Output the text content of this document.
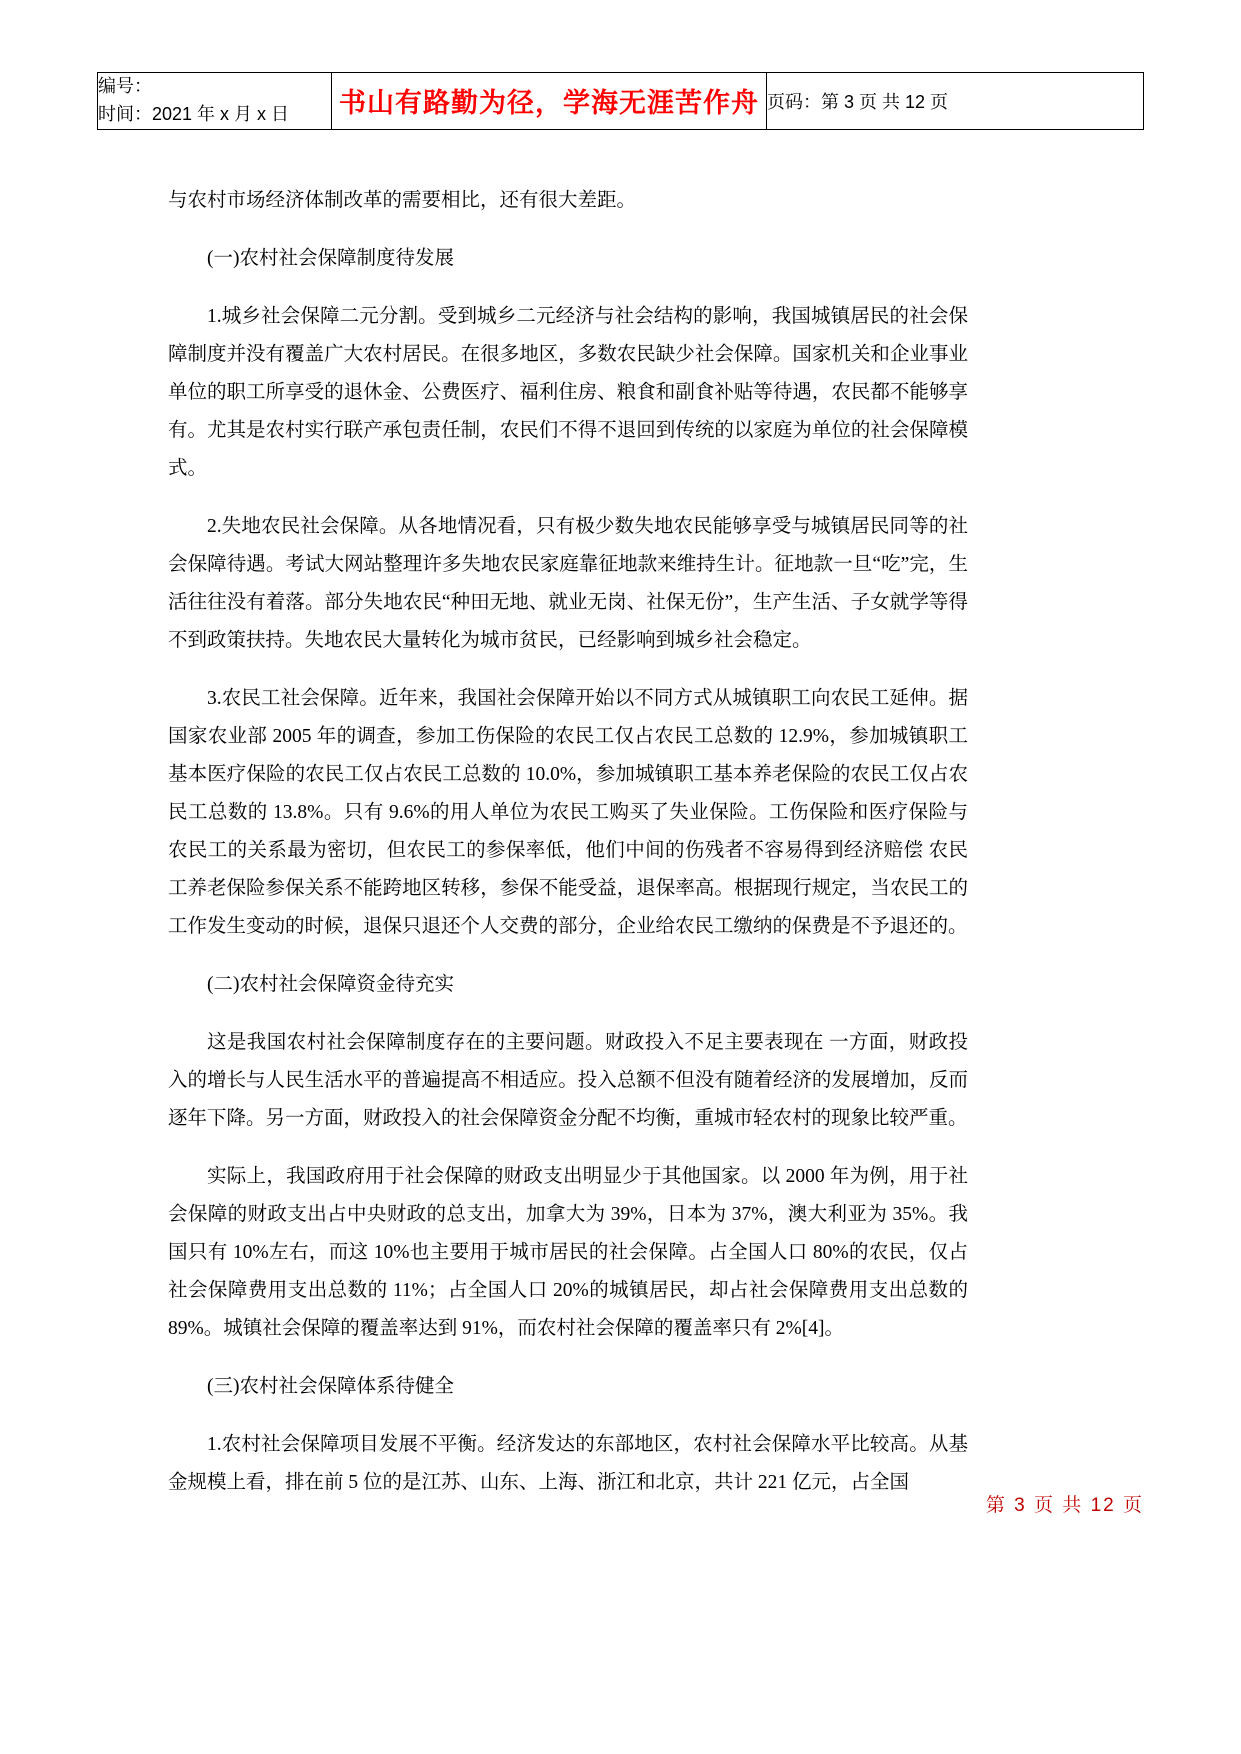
编号：
时间：2021 年 x 月 x 日	书山有路勤为径，学海无涯苦作舟	页码：第 3 页 共 12 页

与农村市场经济体制改革的需要相比，还有很大差距。

(一)农村社会保障制度待发展

1.城乡社会保障二元分割。受到城乡二元经济与社会结构的影响，我国城镇居民的社会保障制度并没有覆盖广大农村居民。在很多地区，多数农民缺少社会保障。国家机关和企业事业单位的职工所享受的退休金、公费医疗、福利住房、粮食和副食补贴等待遇，农民都不能够享有。尤其是农村实行联产承包责任制，农民们不得不退回到传统的以家庭为单位的社会保障模式。

2.失地农民社会保障。从各地情况看，只有极少数失地农民能够享受与城镇居民同等的社会保障待遇。考试大网站整理许多失地农民家庭靠征地款来维持生计。征地款一旦“吃”完，生活往往没有着落。部分失地农民“种田无地、就业无岗、社保无份”，生产生活、子女就学等得不到政策扶持。失地农民大量转化为城市贫民，已经影响到城乡社会稳定。

3.农民工社会保障。近年来，我国社会保障开始以不同方式从城镇职工向农民工延伸。据国家农业部 2005 年的调查，参加工伤保险的农民工仅占农民工总数的 12.9%，参加城镇职工基本医疗保险的农民工仅占农民工总数的 10.0%，参加城镇职工基本养老保险的农民工仅占农民工总数的 13.8%。只有 9.6%的用人单位为农民工购买了失业保险。工伤保险和医疗保险与农民工的关系最为密切，但农民工的参保率低，他们中间的伤残者不容易得到经济赔偿 农民工养老保险参保关系不能跨地区转移，参保不能受益，退保率高。根据现行规定，当农民工的工作发生变动的时候，退保只退还个人交费的部分，企业给农民工缴纳的保费是不予退还的。

(二)农村社会保障资金待充实

这是我国农村社会保障制度存在的主要问题。财政投入不足主要表现在 一方面，财政投入的增长与人民生活水平的普遍提高不相适应。投入总额不但没有随着经济的发展增加，反而逐年下降。另一方面，财政投入的社会保障资金分配不均衡，重城市轻农村的现象比较严重。

实际上，我国政府用于社会保障的财政支出明显少于其他国家。以 2000 年为例，用于社会保障的财政支出占中央财政的总支出，加拿大为 39%，日本为 37%，澳大利亚为 35%。我国只有 10%左右，而这 10%也主要用于城市居民的社会保障。占全国人口 80%的农民，仅占社会保障费用支出总数的 11%；占全国人口 20%的城镇居民，却占社会保障费用支出总数的 89%。城镇社会保障的覆盖率达到 91%，而农村社会保障的覆盖率只有 2%[4]。

(三)农村社会保障体系待健全

1.农村社会保障项目发展不平衡。经济发达的东部地区，农村社会保障水平比较高。从基金规模上看，排在前 5 位的是江苏、山东、上海、浙江和北京，共计 221 亿元，占全国

第 3 页 共 12 页
